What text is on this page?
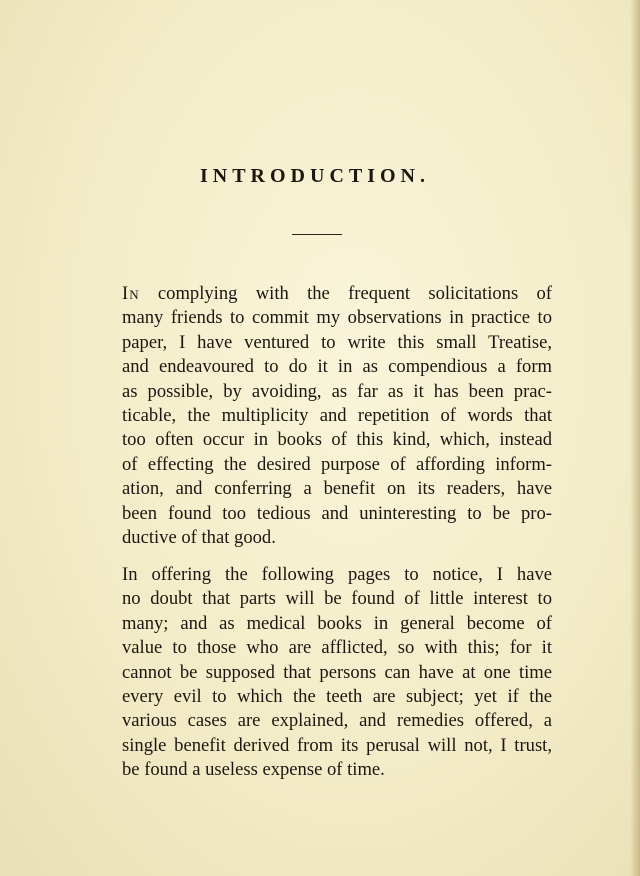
INTRODUCTION.

In complying with the frequent solicitations of
many friends to commit my observations in practice to
paper, I have ventured to write this small Treatise,
and endeavoured to do it in as compendious a form
as possible, by avoiding, as far as it has been prac-
ticable, the multiplicity and repetition of words that
too often occur in books of this kind, which, instead
of effecting the desired purpose of affording inform-
ation, and conferring a benefit on its readers, have
been found too tedious and uninteresting to be pro-
ductive of that good.

In offering the following pages to notice, I have
no doubt that parts will be found of little interest to
many; and as medical books in general become of
value to those who are afflicted, so with this; for it
cannot be supposed that persons can have at one time
every evil to which the teeth are subject; yet if the
various cases are explained, and remedies offered, a
single benefit derived from its perusal will not, I trust,
be found a useless expense of time.
